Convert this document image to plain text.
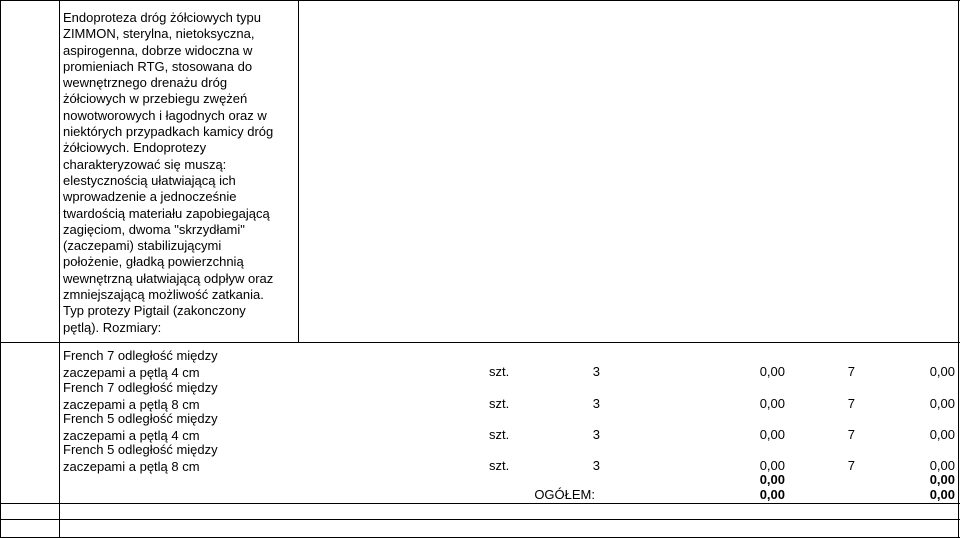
Endoproteza dróg żółciowych typu ZIMMON, sterylna, nietoksyczna, aspirogenna, dobrze widoczna w promieniach RTG, stosowana do wewnętrznego drenażu dróg żółciowych w przebiegu zwężeń nowotworowych i łagodnych oraz w niektórych przypadkach kamicy dróg żółciowych. Endoprotezy charakteryzować się muszą: elestycznością ułatwiającą ich wprowadzenie a jednocześnie twardością materiału zapobiegającą zagięciom, dwoma "skrzydłami" (zaczepami) stabilizującymi położenie, gładką powierzchnią wewnętrzną ułatwiającą odpływ oraz zmniejszającą możliwość zatkania. Typ protezy Pigtail (zakonczony pętlą). Rozmiary:
French 7 odległość między zaczepami a pętlą 4 cm	szt.	3	0,00	7	0,00
French 7 odległość między zaczepami a pętlą 8 cm	szt.	3	0,00	7	0,00
French 5 odległość między zaczepami a pętlą 4 cm	szt.	3	0,00	7	0,00
French 5 odległość między zaczepami a pętlą 8 cm	szt.	3	0,00	7	0,00
0,00	0,00
OGÓŁEM:	0,00	0,00
